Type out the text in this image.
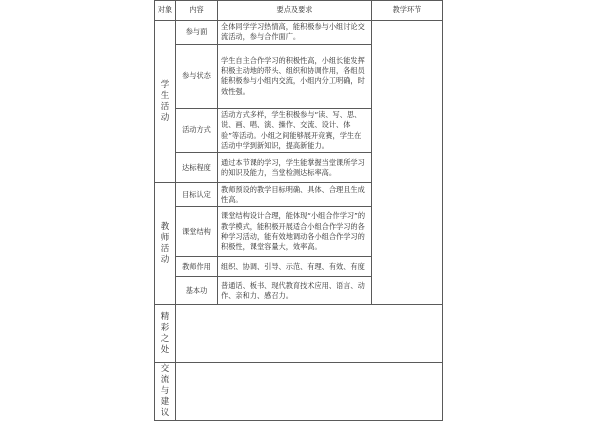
对象	内容	要点及要求	教学环节

学生活动	参与面	全体同学学习热情高，能积极参与小组讨论交流活动，参与合作面广。	

	参与状态	学生自主合作学习的积极性高，小组长能发挥积极主动地的带头、组织和协调作用，各组员能积极参与小组内交流，小组内分工明确，时效性强。	

	活动方式	活动方式多样，学生积极参与“读、写、思、说、画、唱、演、操作、交流、设计、体验”等活动。小组之间能够展开竞赛，学生在活动中学到新知识，提高新能力。	

	达标程度	通过本节课的学习，学生能掌握当堂课所学习的知识及能力，当堂检测达标率高。	

教师活动	目标认定	教师预设的教学目标明确、具体、合理且生成性高。	

	课堂结构	课堂结构设计合理，能体现“小组合作学习”的教学模式，能积极开展适合小组合作学习的各种学习活动，能有效地调动各小组合作学习的积极性，课堂容量大，效率高。	

	教师作用	组织、协调、引导、示范、有理、有效、有度	

	基本功	普通话、板书、现代教育技术应用、语言、动作、亲和力、感召力。	

精彩之处			

交流与建议			
